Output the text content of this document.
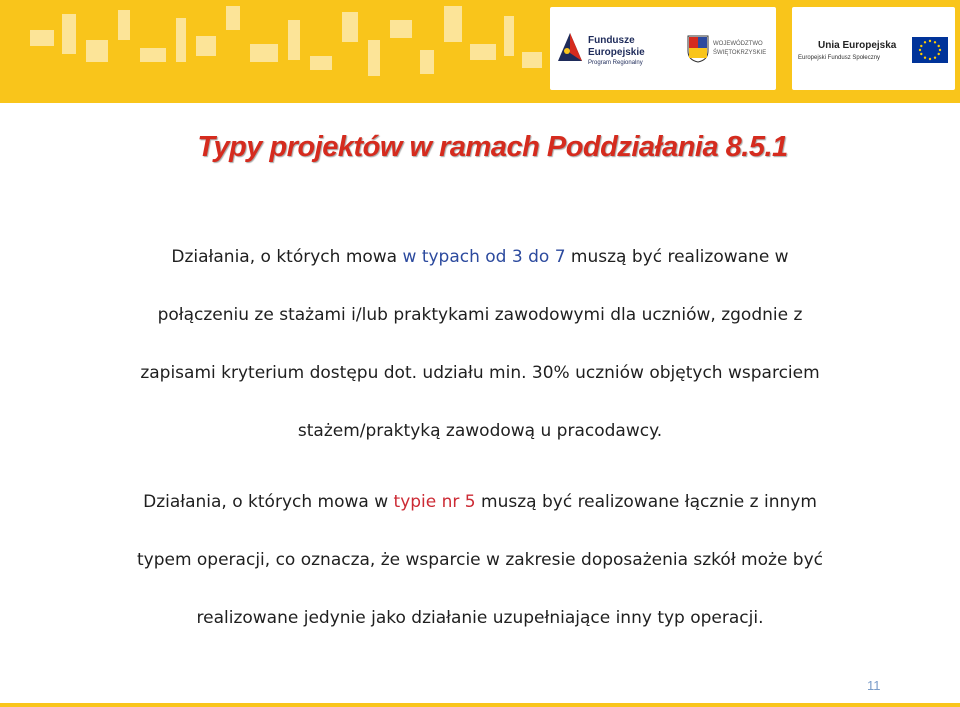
Fundusze
Europejskie
Program Regionalny
WOJEWÓDZTWO
ŚWIĘTOKRZYSKIE
Unia Europejska
Europejski Fundusz Społeczny
Typy projektów w ramach Poddziałania 8.5.1
Działania, o których mowa w typach od 3 do 7 muszą być realizowane w
połączeniu ze stażami i/lub praktykami zawodowymi dla uczniów, zgodnie z
zapisami kryterium dostępu dot. udziału min. 30% uczniów objętych wsparciem
stażem/praktyką zawodową u pracodawcy.
Działania, o których mowa w typie nr 5 muszą być realizowane łącznie z innym
typem operacji, co oznacza, że wsparcie w zakresie doposażenia szkół może być
realizowane jedynie jako działanie uzupełniające inny typ operacji.
11
